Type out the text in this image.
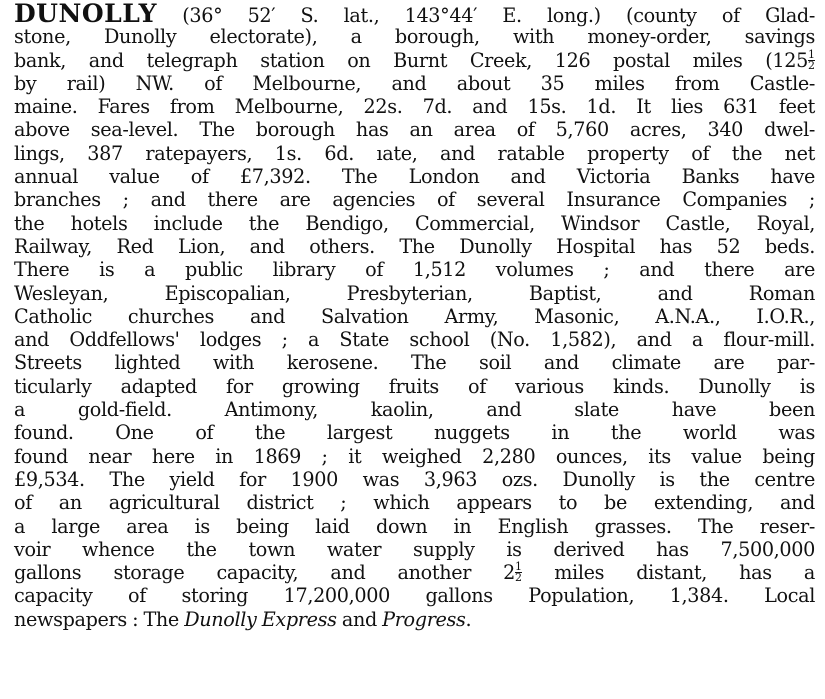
DUNOLLY (36° 52′ S. lat., 143°44′ E. long.) (county of Glad-
stone, Dunolly electorate), a borough, with money-order, savings
bank, and telegraph station on Burnt Creek, 126 postal miles ($125 \frac{1}{2}$
by rail) NW. of Melbourne, and about 35 miles from Castle-
maine. Fares from Melbourne, 22s. 7d. and 15s. 1d. It lies 631 feet
above sea-level. The borough has an area of 5,760 acres, 340 dwel-
lings, 387 ratepayers, 1s. 6d. ıate, and ratable property of the net
annual value of £7,392. The London and Victoria Banks have
branches ; and there are agencies of several Insurance Companies ;
the hotels include the Bendigo, Commercial, Windsor Castle, Royal,
Railway, Red Lion, and others. The Dunolly Hospital has 52 beds.
There is a public library of 1,512 volumes ; and there are
Wesleyan, Episcopalian, Presbyterian, Baptist, and Roman
Catholic churches and Salvation Army, Masonic, A.N.A., I.O.R.,
and Oddfellows' lodges ; a State school (No. 1,582), and a flour-mill.
Streets lighted with kerosene. The soil and climate are par-
ticularly adapted for growing fruits of various kinds. Dunolly is
a gold-field. Antimony, kaolin, and slate have been
found. One of the largest nuggets in the world was
found near here in 1869 ; it weighed 2,280 ounces, its value being
£9,534. The yield for 1900 was 3,963 ozs. Dunolly is the centre
of an agricultural district ; which appears to be extending, and
a large area is being laid down in English grasses. The reser-
voir whence the town water supply is derived has 7,500,000
gallons storage capacity, and another $2 \frac{1}{2}$ miles distant, has a
capacity of storing 17,200,000 gallons Population, 1,384. Local
newspapers : The Dunolly Express and Progress.
